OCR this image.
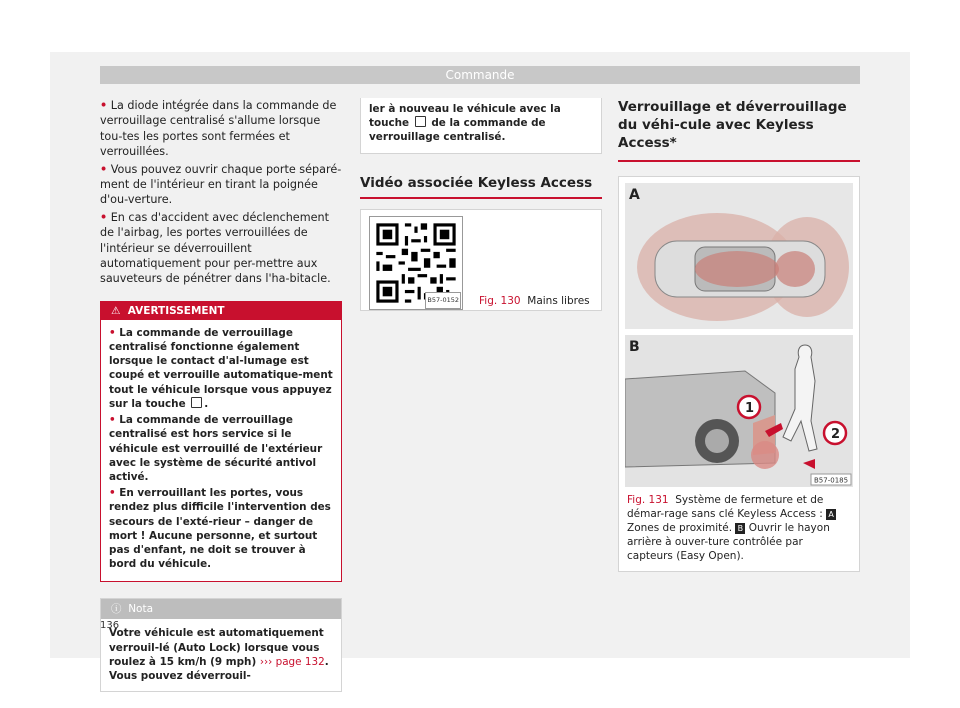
Commande

• La diode intégrée dans la commande de verrouillage centralisé s'allume lorsque tou-tes les portes sont fermées et verrouillées.

• Vous pouvez ouvrir chaque porte séparé-ment de l'intérieur en tirant la poignée d'ou-verture.

• En cas d'accident avec déclenchement de l'airbag, les portes verrouillées de l'intérieur se déverrouillent automatiquement pour per-mettre aux sauveteurs de pénétrer dans l'ha-bitacle.

⚠ AVERTISSEMENT

• La commande de verrouillage centralisé fonctionne également lorsque le contact d'al-lumage est coupé et verrouille automatique-ment tout le véhicule lorsque vous appuyez sur la touche .

• La commande de verrouillage centralisé est hors service si le véhicule est verrouillé de l'extérieur avec le système de sécurité antivol activé.

• En verrouillant les portes, vous rendez plus difficile l'intervention des secours de l'exté-rieur – danger de mort ! Aucune personne, et surtout pas d'enfant, ne doit se trouver à bord du véhicule.

ⓘ Nota
Votre véhicule est automatiquement verrouil-lé (Auto Lock) lorsque vous roulez à 15 km/h (9 mph) ››› page 132. Vous pouvez déverrouil-
ler à nouveau le véhicule avec la touche de la commande de verrouillage centralisé.
Vidéo associée Keyless Access
B57-0152 Fig. 130 Mains libres
Verrouillage et déverrouillage du véhi-cule avec Keyless Access*
A
B
1
2
B57-0185
Fig. 131 Système de fermeture et de démar-rage sans clé Keyless Access : A Zones de proximité. B Ouvrir le hayon arrière à ouver-ture contrôlée par capteurs (Easy Open).
136
